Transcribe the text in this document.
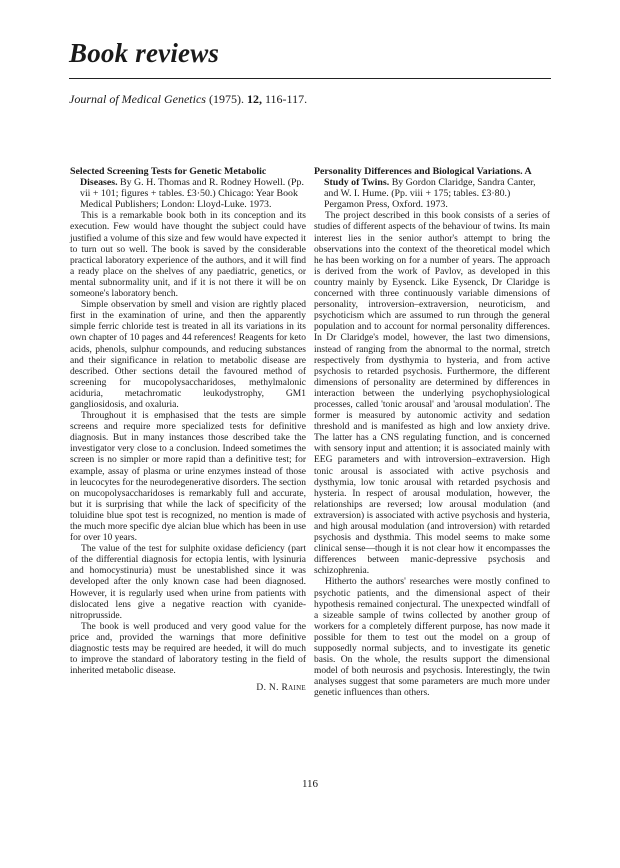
Book reviews
Journal of Medical Genetics (1975). 12, 116-117.
Selected Screening Tests for Genetic Metabolic Diseases. By G. H. Thomas and R. Rodney Howell. (Pp. vii + 101; figures + tables. £3·50.) Chicago: Year Book Medical Publishers; London: Lloyd-Luke. 1973.

This is a remarkable book both in its conception and its execution. Few would have thought the subject could have justified a volume of this size and few would have expected it to turn out so well. The book is saved by the considerable practical laboratory experience of the authors, and it will find a ready place on the shelves of any paediatric, genetics, or mental subnormality unit, and if it is not there it will be on someone's laboratory bench.

Simple observation by smell and vision are rightly placed first in the examination of urine, and then the apparently simple ferric chloride test is treated in all its variations in its own chapter of 10 pages and 44 references! Reagents for keto acids, phenols, sulphur compounds, and reducing substances and their significance in relation to metabolic disease are described. Other sections detail the favoured method of screening for mucopolysaccharidoses, methylmalonic aciduria, metachromatic leukodystrophy, GM1 gangliosidosis, and oxaluria.

Throughout it is emphasised that the tests are simple screens and require more specialized tests for definitive diagnosis. But in many instances those described take the investigator very close to a conclusion. Indeed sometimes the screen is no simpler or more rapid than a definitive test; for example, assay of plasma or urine enzymes instead of those in leucocytes for the neurodegenerative disorders. The section on mucopolysaccharidoses is remarkably full and accurate, but it is surprising that while the lack of specificity of the toluidine blue spot test is recognized, no mention is made of the much more specific dye alcian blue which has been in use for over 10 years.

The value of the test for sulphite oxidase deficiency (part of the differential diagnosis for ectopia lentis, with lysinuria and homocystinuria) must be unestablished since it was developed after the only known case had been diagnosed. However, it is regularly used when urine from patients with dislocated lens give a negative reaction with cyanide-nitroprusside.

The book is well produced and very good value for the price and, provided the warnings that more definitive diagnostic tests may be required are heeded, it will do much to improve the standard of laboratory testing in the field of inherited metabolic disease.

D. N. Raine
Personality Differences and Biological Variations. A Study of Twins. By Gordon Claridge, Sandra Canter, and W. I. Hume. (Pp. viii + 175; tables. £3·80.) Pergamon Press, Oxford. 1973.

The project described in this book consists of a series of studies of different aspects of the behaviour of twins. Its main interest lies in the senior author's attempt to bring the observations into the context of the theoretical model which he has been working on for a number of years. The approach is derived from the work of Pavlov, as developed in this country mainly by Eysenck. Like Eysenck, Dr Claridge is concerned with three continuously variable dimensions of personality, introversion–extraversion, neuroticism, and psychoticism which are assumed to run through the general population and to account for normal personality differences. In Dr Claridge's model, however, the last two dimensions, instead of ranging from the abnormal to the normal, stretch respectively from dysthymia to hysteria, and from active psychosis to retarded psychosis. Furthermore, the different dimensions of personality are determined by differences in interaction between the underlying psychophysiological processes, called 'tonic arousal' and 'arousal modulation'. The former is measured by autonomic activity and sedation threshold and is manifested as high and low anxiety drive. The latter has a CNS regulating function, and is concerned with sensory input and attention; it is associated mainly with EEG parameters and with introversion–extraversion. High tonic arousal is associated with active psychosis and dysthymia, low tonic arousal with retarded psychosis and hysteria. In respect of arousal modulation, however, the relationships are reversed; low arousal modulation (and extraversion) is associated with active psychosis and hysteria, and high arousal modulation (and introversion) with retarded psychosis and dysthmia. This model seems to make some clinical sense—though it is not clear how it encompasses the differences between manic-depressive psychosis and schizophrenia.

Hitherto the authors' researches were mostly confined to psychotic patients, and the dimensional aspect of their hypothesis remained conjectural. The unexpected windfall of a sizeable sample of twins collected by another group of workers for a completely different purpose, has now made it possible for them to test out the model on a group of supposedly normal subjects, and to investigate its genetic basis. On the whole, the results support the dimensional model of both neurosis and psychosis. Interestingly, the twin analyses suggest that some parameters are much more under genetic influences than others.

116
